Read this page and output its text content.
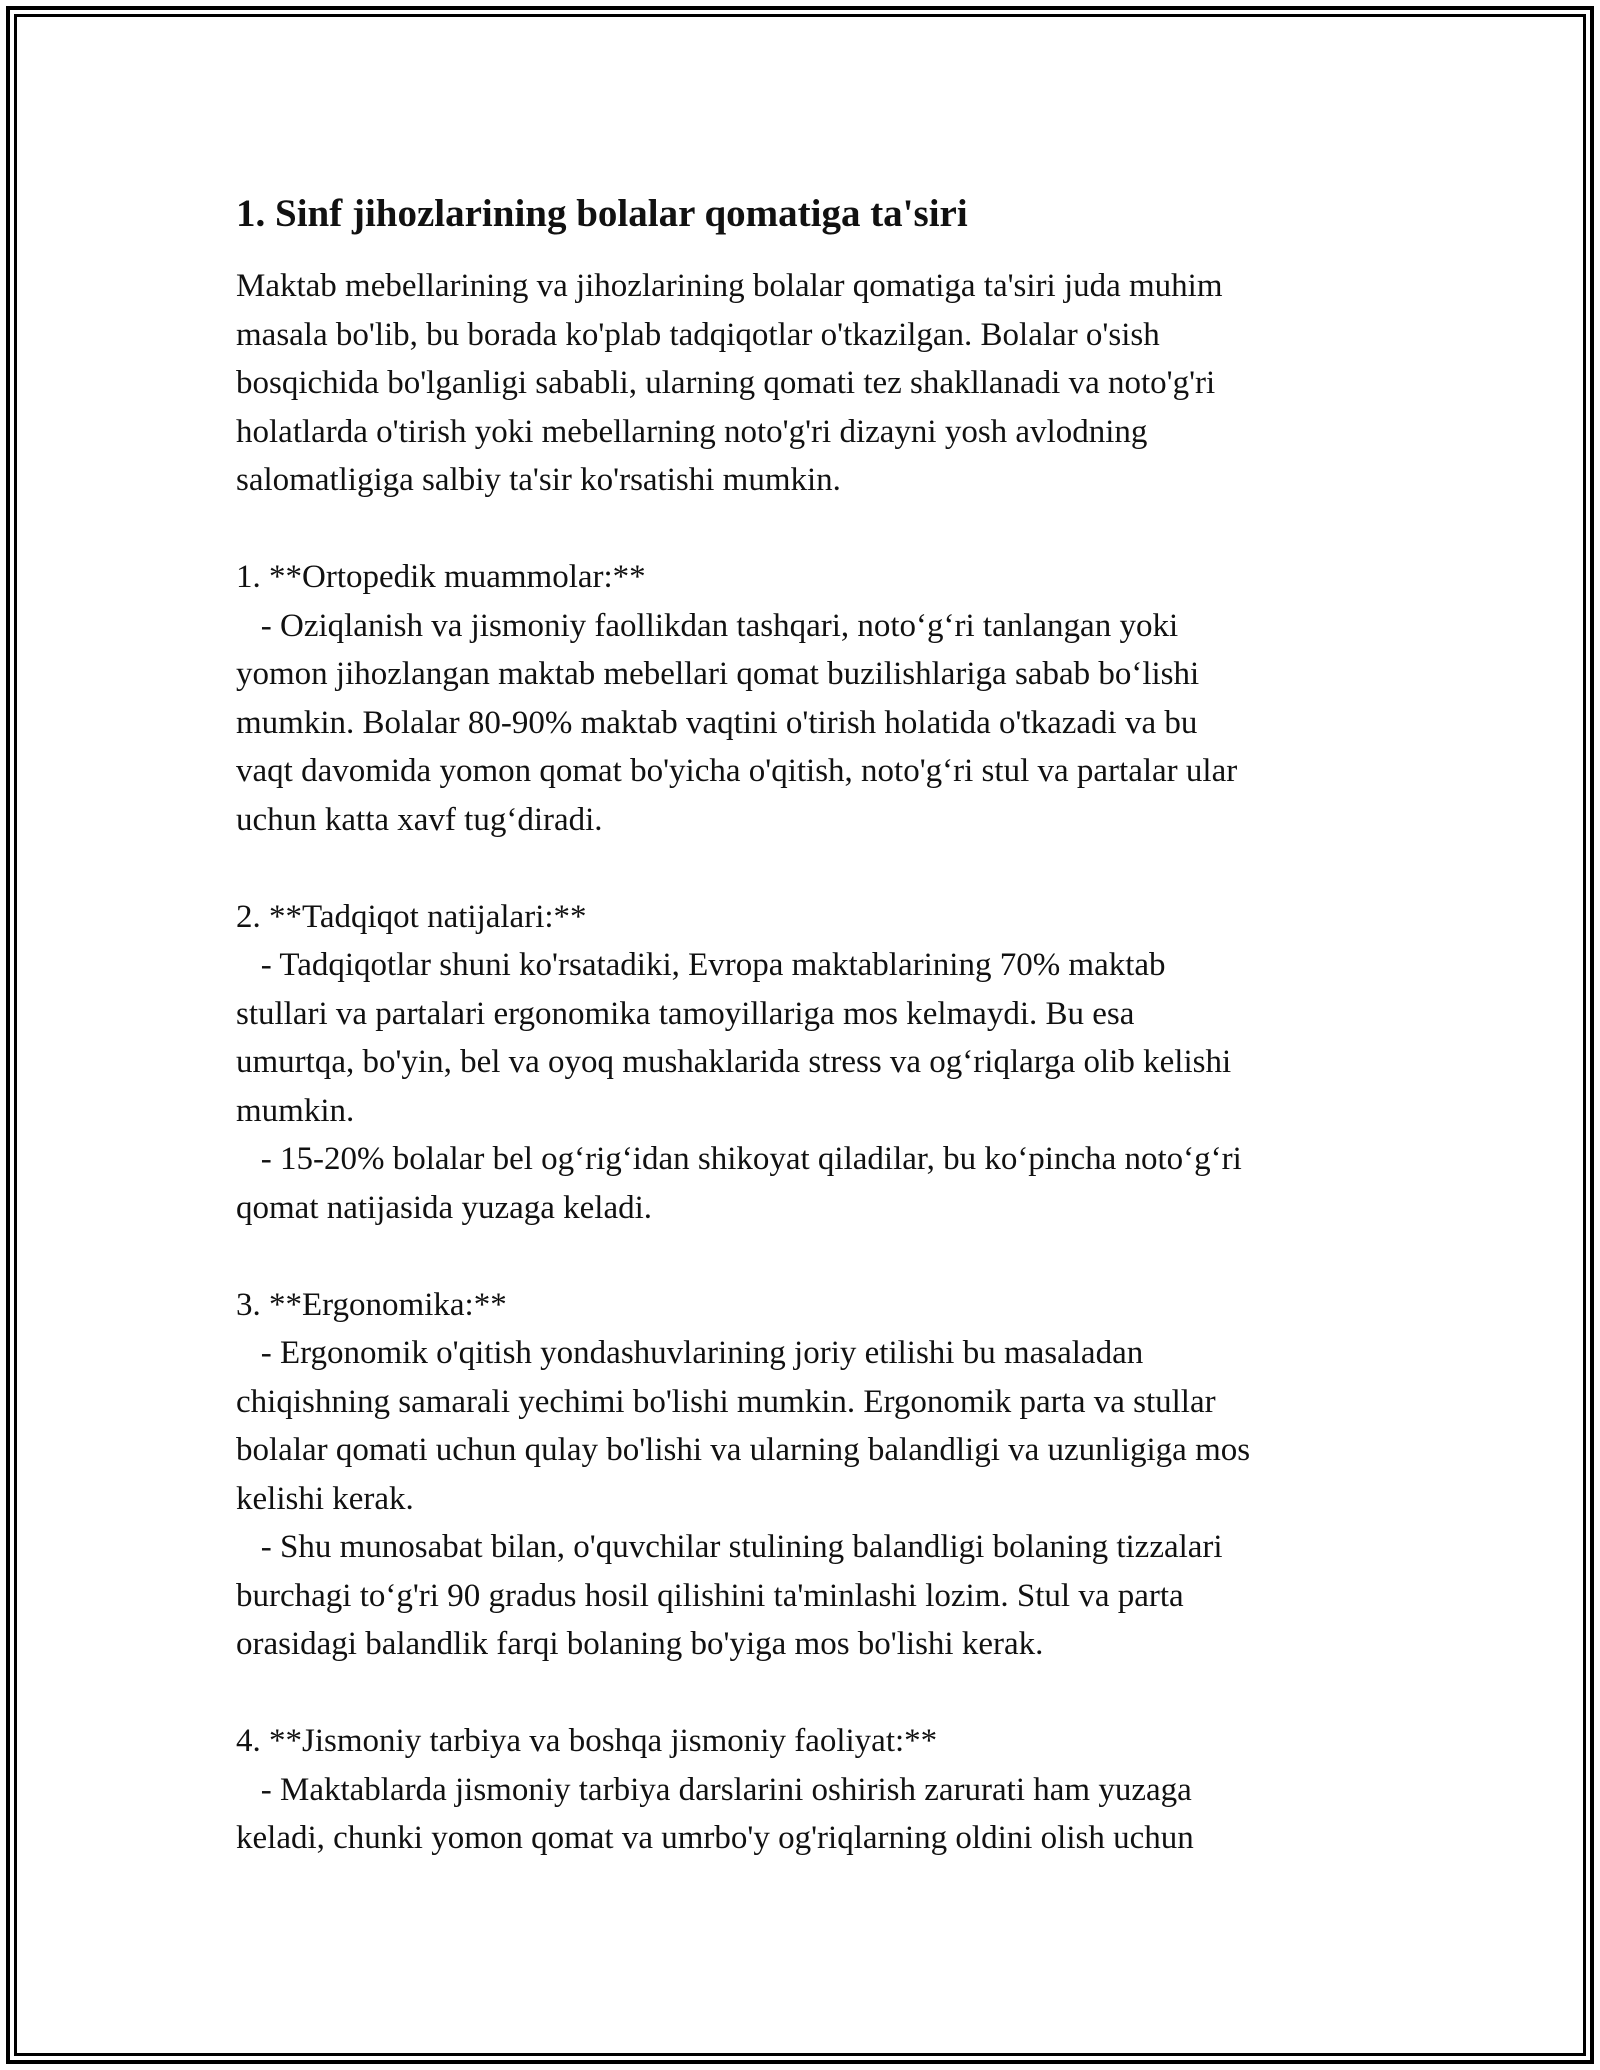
1. Sinf jihozlarining bolalar qomatiga ta'siri
Maktab mebellarining va jihozlarining bolalar qomatiga ta'siri juda muhim
masala bo'lib, bu borada ko'plab tadqiqotlar o'tkazilgan. Bolalar o'sish
bosqichida bo'lganligi sababli, ularning qomati tez shakllanadi va noto'g'ri
holatlarda o'tirish yoki mebellarning noto'g'ri dizayni yosh avlodning
salomatligiga salbiy ta'sir ko'rsatishi mumkin.
1. **Ortopedik muammolar:**
- Oziqlanish va jismoniy faollikdan tashqari, noto‘g‘ri tanlangan yoki
yomon jihozlangan maktab mebellari qomat buzilishlariga sabab bo‘lishi
mumkin. Bolalar 80-90% maktab vaqtini o'tirish holatida o'tkazadi va bu
vaqt davomida yomon qomat bo'yicha o'qitish, noto'g‘ri stul va partalar ular
uchun katta xavf tug‘diradi.
2. **Tadqiqot natijalari:**
- Tadqiqotlar shuni ko'rsatadiki, Evropa maktablarining 70% maktab
stullari va partalari ergonomika tamoyillariga mos kelmaydi. Bu esa
umurtqa, bo'yin, bel va oyoq mushaklarida stress va og‘riqlarga olib kelishi
mumkin.
- 15-20% bolalar bel og‘rig‘idan shikoyat qiladilar, bu ko‘pincha noto‘g‘ri
qomat natijasida yuzaga keladi.
3. **Ergonomika:**
- Ergonomik o'qitish yondashuvlarining joriy etilishi bu masaladan
chiqishning samarali yechimi bo'lishi mumkin. Ergonomik parta va stullar
bolalar qomati uchun qulay bo'lishi va ularning balandligi va uzunligiga mos
kelishi kerak.
- Shu munosabat bilan, o'quvchilar stulining balandligi bolaning tizzalari
burchagi to‘g'ri 90 gradus hosil qilishini ta'minlashi lozim. Stul va parta
orasidagi balandlik farqi bolaning bo'yiga mos bo'lishi kerak.
4. **Jismoniy tarbiya va boshqa jismoniy faoliyat:**
- Maktablarda jismoniy tarbiya darslarini oshirish zarurati ham yuzaga
keladi, chunki yomon qomat va umrbo'y og'riqlarning oldini olish uchun
